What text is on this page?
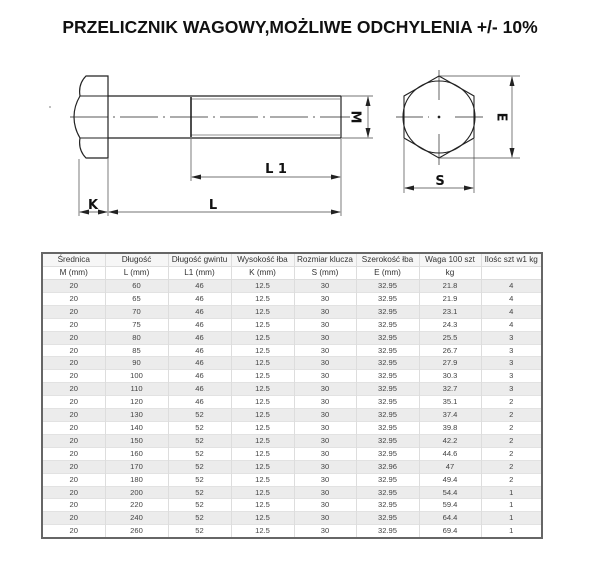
PRZELICZNIK WAGOWY,MOŻLIWE ODCHYLENIA +/- 10%
M
L 1
L
K
E
S
Średnica	Długość	Długość gwintu	Wysokość łba	Rozmiar klucza	Szerokość łba	Waga 100 szt	Ilośc szt w1 kg
M (mm)	L (mm)	L1 (mm)	K (mm)	S (mm)	E (mm)	kg	
20	60	46	12.5	30	32.95	21.8	4
20	65	46	12.5	30	32.95	21.9	4
20	70	46	12.5	30	32.95	23.1	4
20	75	46	12.5	30	32.95	24.3	4
20	80	46	12.5	30	32.95	25.5	3
20	85	46	12.5	30	32.95	26.7	3
20	90	46	12.5	30	32.95	27.9	3
20	100	46	12.5	30	32.95	30.3	3
20	110	46	12.5	30	32.95	32.7	3
20	120	46	12.5	30	32.95	35.1	2
20	130	52	12.5	30	32.95	37.4	2
20	140	52	12.5	30	32.95	39.8	2
20	150	52	12.5	30	32.95	42.2	2
20	160	52	12.5	30	32.95	44.6	2
20	170	52	12.5	30	32.96	47	2
20	180	52	12.5	30	32.95	49.4	2
20	200	52	12.5	30	32.95	54.4	1
20	220	52	12.5	30	32.95	59.4	1
20	240	52	12.5	30	32.95	64.4	1
20	260	52	12.5	30	32.95	69.4	1
